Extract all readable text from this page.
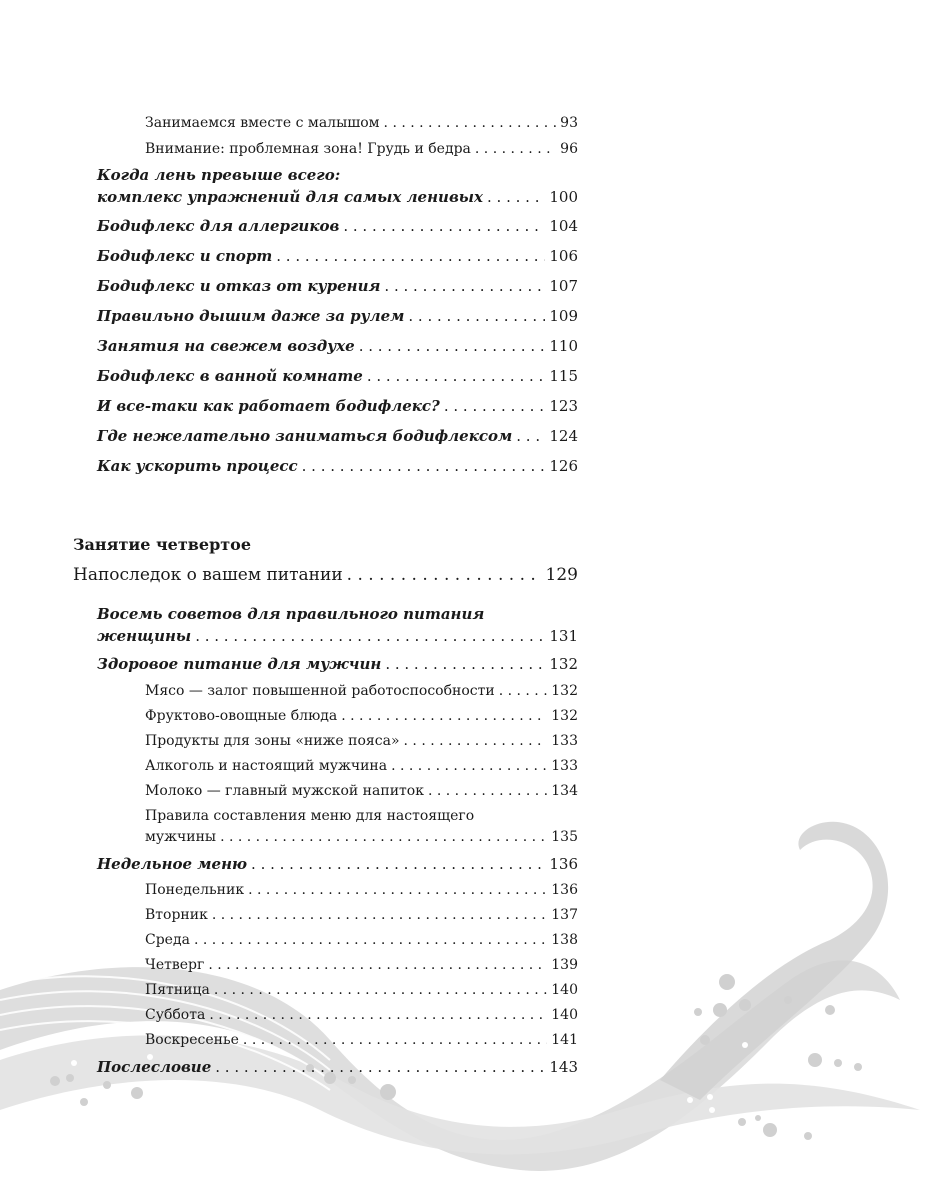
Занятие четвертое
Занимаемся вместе с малышом . . .	93
Внимание: проблемная зона! Грудь и бедра . . .	96
Когда лень превыше всего:
комплекс упражнений для самых ленивых . . .	100
Бодифлекс для аллергиков . . .	104
Бодифлекс и спорт . . .	106
Бодифлекс и отказ от курения . . .	107
Правильно дышим даже за рулем . . .	109
Занятия на свежем воздухе . . .	110
Бодифлекс в ванной комнате . . .	115
И все-таки как работает бодифлекс? . . .	123
Где нежелательно заниматься бодифлексом . . . 124
Как ускорить процесс . . .	126
Напоследок о вашем питании . . .	129
Восемь советов для правильного питания
женщины . . .	131
Здоровое питание для мужчин . . .	132
Мясо — залог повышенной работоспособности . . .	132
Фруктово-овощные блюда . . .	132
Продукты для зоны «ниже пояса» . . .	133
Алкоголь и настоящий мужчина . . .	133
Молоко — главный мужской напиток . . .	134
Правила составления меню для настоящего
мужчины . . .	135
Недельное меню . . .	136
Понедельник . . .	136
Вторник . . .	137
Среда . . .	138
Четверг . . .	139
Пятница . . .	140
Суббота . . .	140
Воскресенье . . .	141
Послесловие . . .	143
